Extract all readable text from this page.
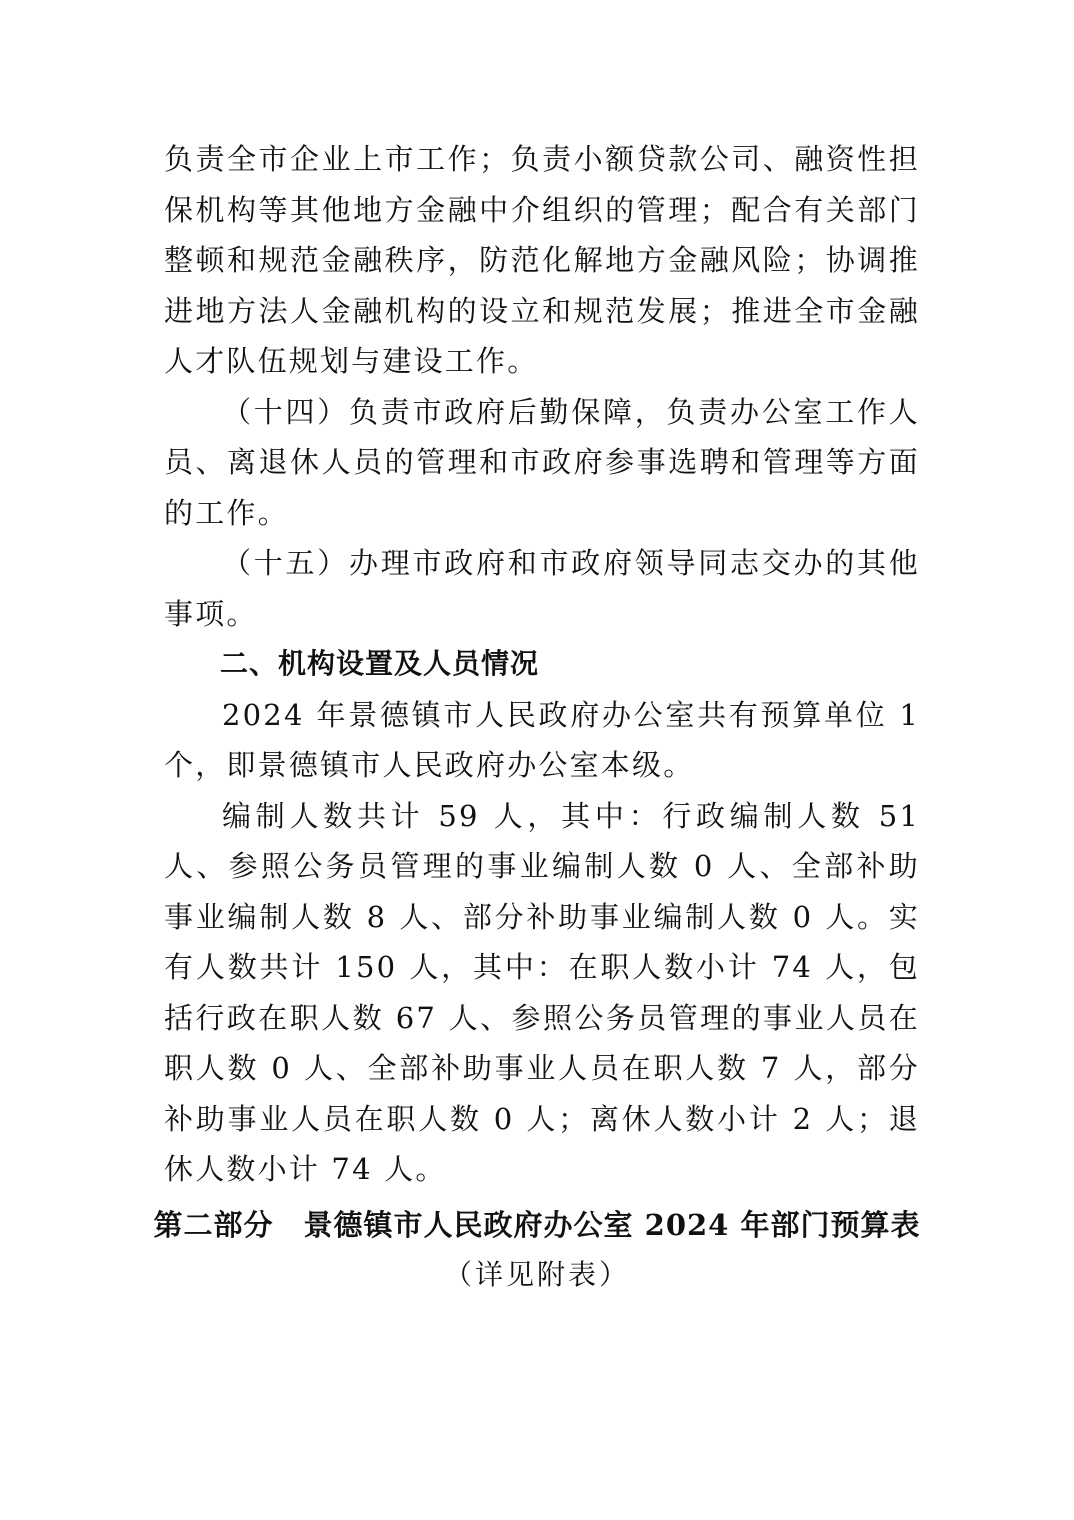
负责全市企业上市工作；负责小额贷款公司、融资性担保机构等其他地方金融中介组织的管理；配合有关部门整顿和规范金融秩序，防范化解地方金融风险；协调推进地方法人金融机构的设立和规范发展；推进全市金融人才队伍规划与建设工作。

（十四）负责市政府后勤保障，负责办公室工作人员、离退休人员的管理和市政府参事选聘和管理等方面的工作。

（十五）办理市政府和市政府领导同志交办的其他事项。

二、机构设置及人员情况

2024 年景德镇市人民政府办公室共有预算单位 1 个，即景德镇市人民政府办公室本级。

编制人数共计 59 人，其中：行政编制人数 51 人、参照公务员管理的事业编制人数 0 人、全部补助事业编制人数 8 人、部分补助事业编制人数 0 人。实有人数共计 150 人，其中：在职人数小计 74 人，包括行政在职人数 67 人、参照公务员管理的事业人员在职人数 0 人、全部补助事业人员在职人数 7 人，部分补助事业人员在职人数 0 人；离休人数小计 2 人；退休人数小计 74 人。

第二部分 景德镇市人民政府办公室 2024 年部门预算表
（详见附表）
